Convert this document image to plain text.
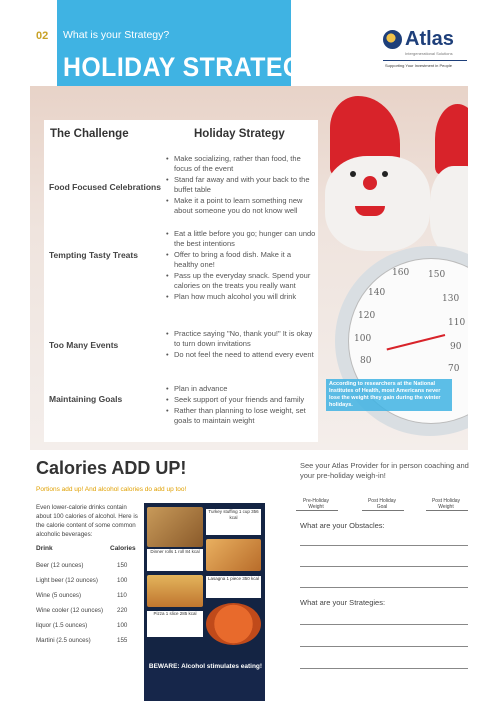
02 What is your Strategy?
HOLIDAY STRATEGIES
Atlas
Intergenerational Solutions
Supporting Your Investment in People
160 150
140
130
120
110
100
90
80
70
The Challenge	Holiday Strategy
Food Focused Celebrations
• Make socializing, rather than food, the focus of the event
• Stand far away and with your back to the buffet table
• Make it a point to learn something new about someone you do not know well
Tempting Tasty Treats
• Eat a little before you go; hunger can undo the best intentions
• Offer to bring a food dish. Make it a healthy one!
• Pass up the everyday snack. Spend your calories on the treats you really want
• Plan how much alcohol you will drink
Too Many Events
• Practice saying "No, thank you!" It is okay to turn down invitations
• Do not feel the need to attend every event
Maintaining Goals
• Plan in advance
• Seek support of your friends and family
• Rather than planning to lose weight, set goals to maintain weight
According to researchers at the National Institutes of Health, most Americans never lose the weight they gain during the winter holidays.
Calories ADD UP!
Portions add up! And alcohol calories do add up too!
Even lower-calorie drinks contain about 100 calories of alcohol. Here is the calorie content of some common alcoholic beverages:
Drink	Calories
Beer (12 ounces)	150
Light beer (12 ounces)	100
Wine (5 ounces)	110
Wine cooler (12 ounces) 220
liquor (1.5 ounces)	100
Martini (2.5 ounces)	155
Turkey stuffing 1 cup 356 kcal
Dinner rolls 1 roll 84 kcal
Lasagna 1 piece 350 kcal
Pizza 1 slice 285 kcal
BEWARE: Alcohol stimulates eating!
See your Atlas Provider for in person coaching and your pre-holiday weigh-in!
Pre-Holiday Weight
Post Holiday Goal
Post Holiday Weight
What are your Obstacles:
What are your Strategies:
